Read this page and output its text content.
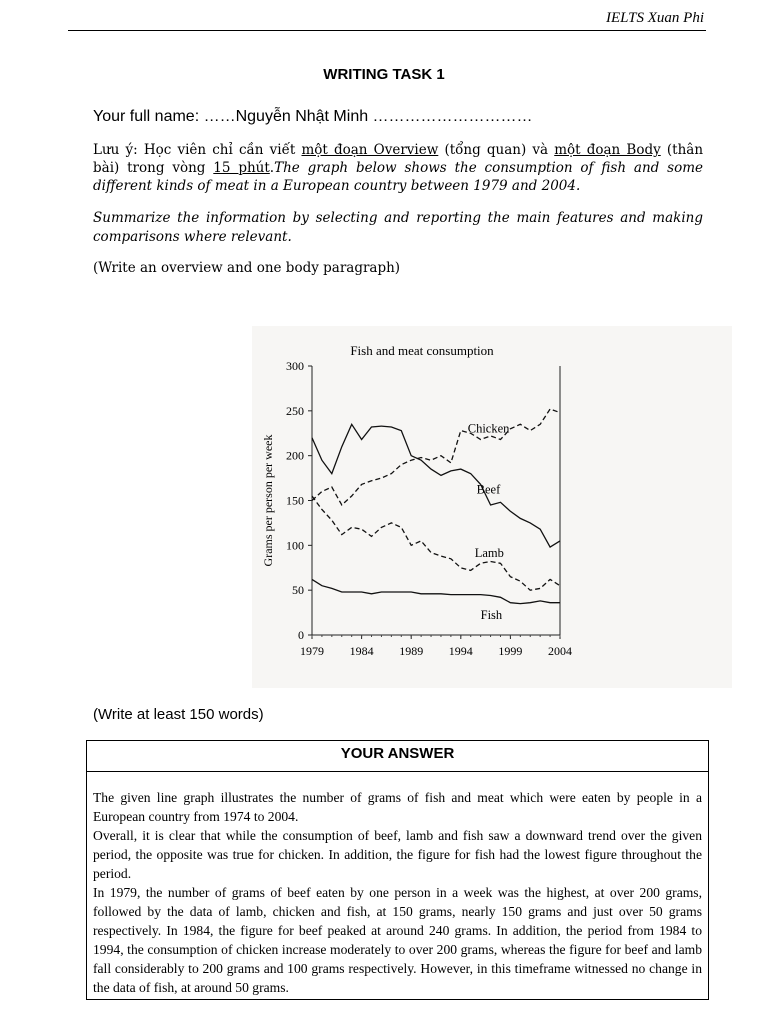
IELTS Xuan Phi
WRITING TASK 1
Your full name: ……Nguyễn Nhật Minh …………………………
Lưu ý: Học viên chỉ cần viết một đoạn Overview (tổng quan) và một đoạn Body (thân bài) trong vòng 15 phút.The graph below shows the consumption of fish and some different kinds of meat in a European country between 1979 and 2004.
Summarize the information by selecting and reporting the main features and making comparisons where relevant.
(Write an overview and one body paragraph)
Fish and meat consumption
0
50
100
150
200
250
300
1979 1984 1989 1994 1999 2004
Grams per person per week
Chicken
Beef
Lamb
Fish
(Write at least 150 words)
YOUR ANSWER

The given line graph illustrates the number of grams of fish and meat which were eaten by people in a European country from 1974 to 2004.

Overall, it is clear that while the consumption of beef, lamb and fish saw a downward trend over the given period, the opposite was true for chicken. In addition, the figure for fish had the lowest figure throughout the period.

In 1979, the number of grams of beef eaten by one person in a week was the highest, at over 200 grams, followed by the data of lamb, chicken and fish, at 150 grams, nearly 150 grams and just over 50 grams respectively. In 1984, the figure for beef peaked at around 240 grams. In addition, the period from 1984 to 1994, the consumption of chicken increase moderately to over 200 grams, whereas the figure for beef and lamb fall considerably to 200 grams and 100 grams respectively. However, in this timeframe witnessed no change in the data of fish, at around 50 grams.
